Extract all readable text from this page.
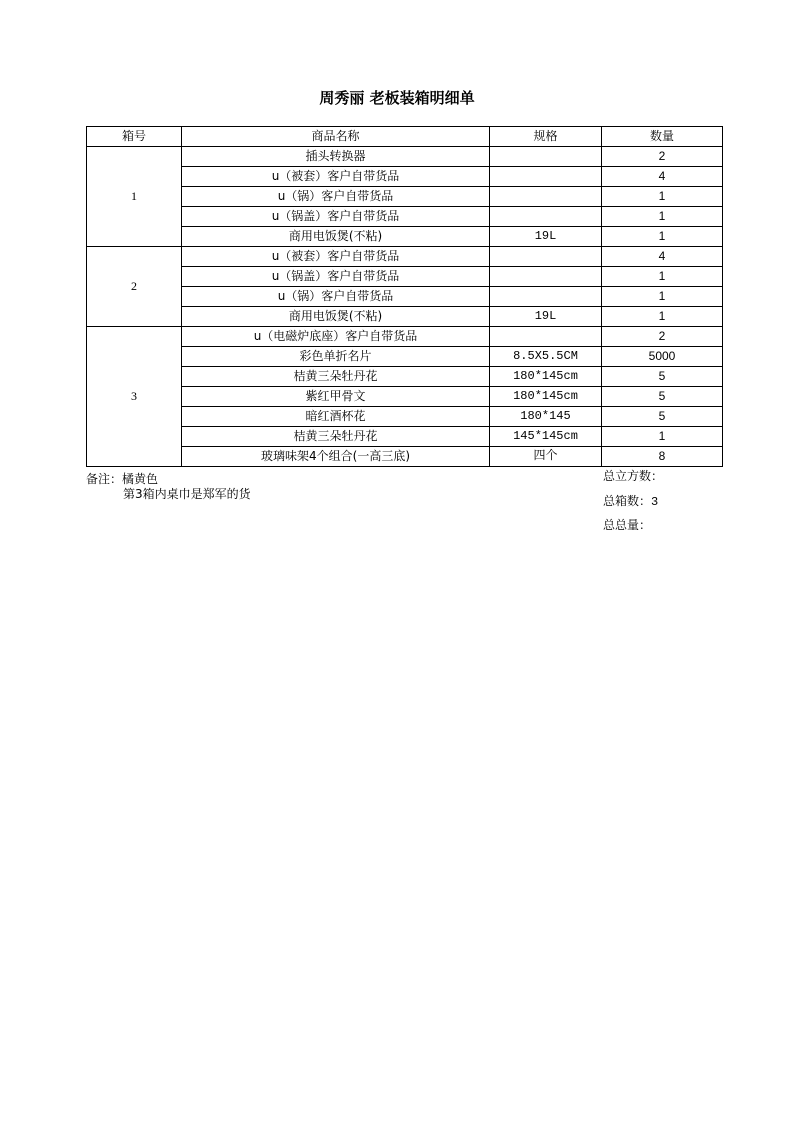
周秀丽 老板装箱明细单
箱号	商品名称	规格	数量
1	插头转换器		2
	u（被套）客户自带货品		4
	u（锅）客户自带货品		1
	u（锅盖）客户自带货品		1
	商用电饭煲(不粘)	19L	1
2	u（被套）客户自带货品		4
	u（锅盖）客户自带货品		1
	u（锅）客户自带货品		1
	商用电饭煲(不粘)	19L	1
3	u（电磁炉底座）客户自带货品		2
	彩色单折名片	8.5X5.5CM	5000
	桔黄三朵牡丹花	180*145cm	5
	紫红甲骨文	180*145cm	5
	暗红酒杯花	180*145	5
	桔黄三朵牡丹花	145*145cm	1
	玻璃味架4个组合(一高三底)	四个	8
备注：橘黄色
第3箱内桌巾是郑军的货
总立方数：
总箱数：3
总总量：
